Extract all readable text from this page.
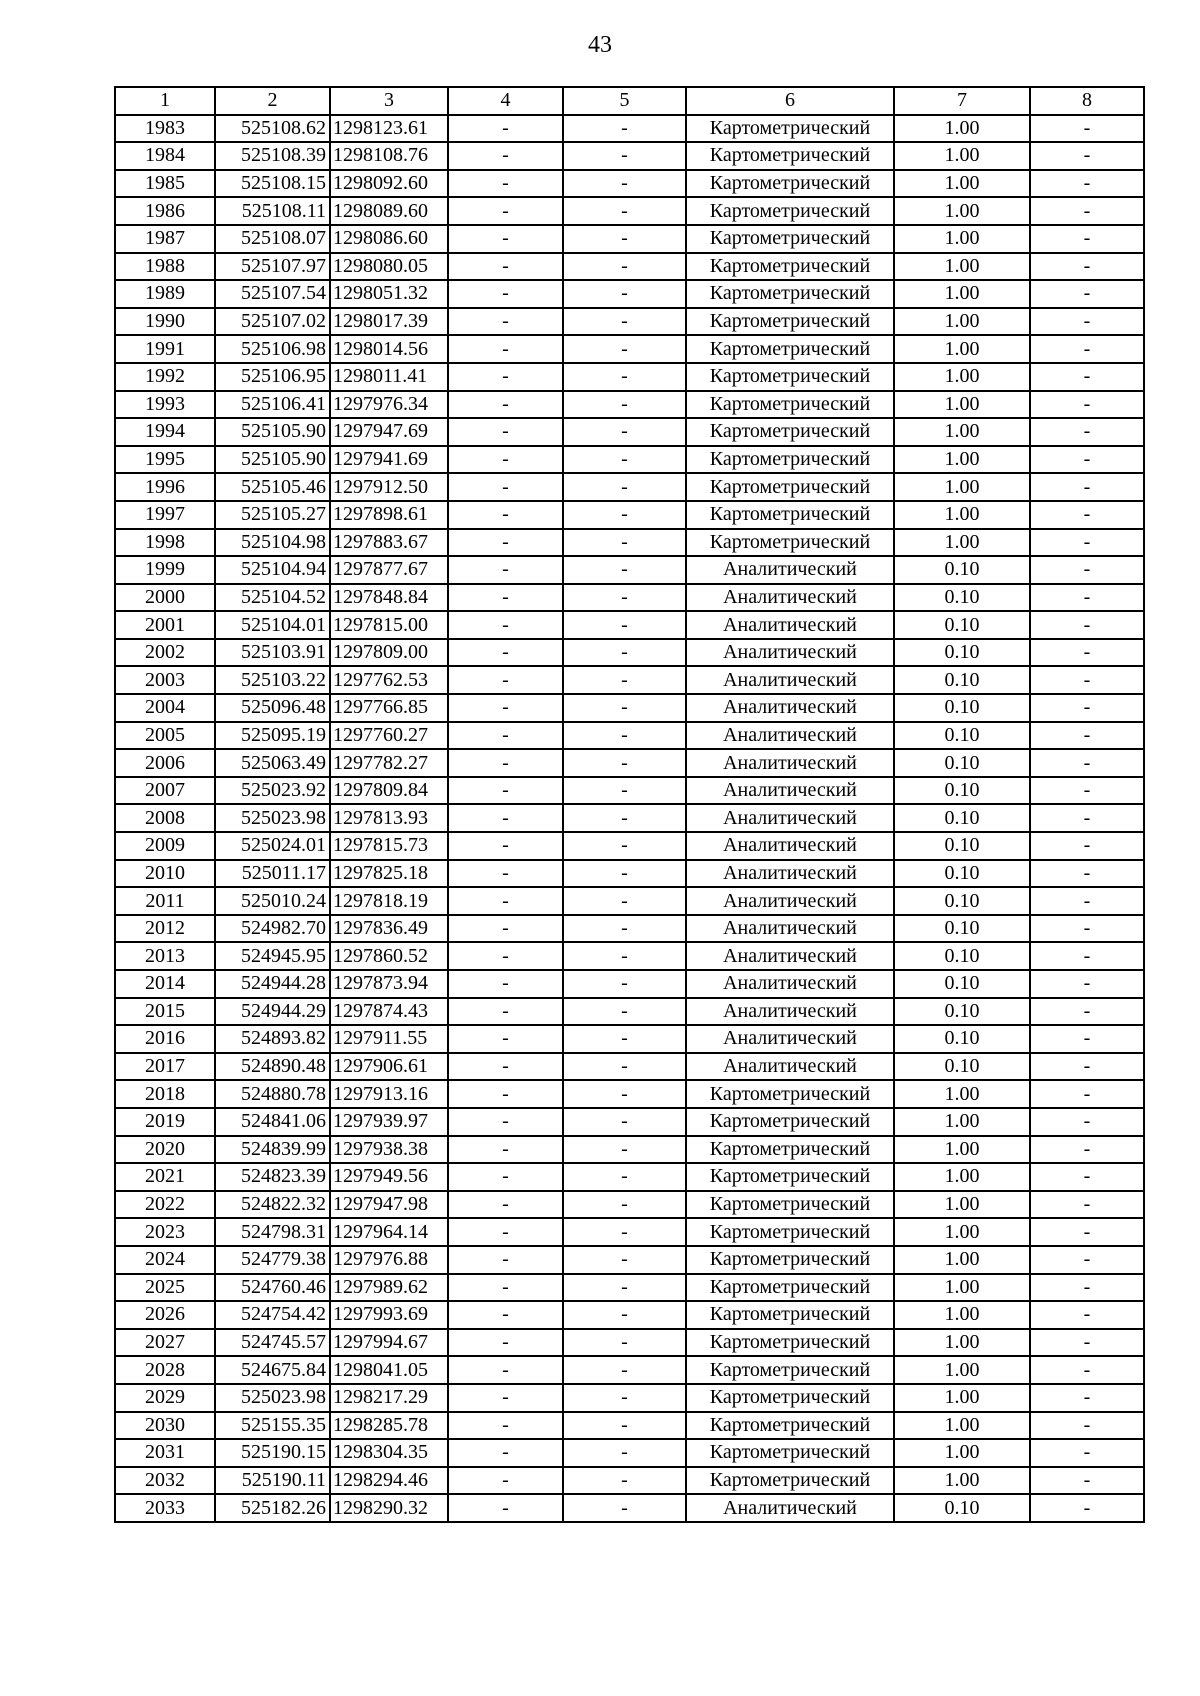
43
1	2	3	4	5	6	7	8
1983	525108.62	1298123.61	-	-	Картометрический	1.00	-
1984	525108.39	1298108.76	-	-	Картометрический	1.00	-
1985	525108.15	1298092.60	-	-	Картометрический	1.00	-
1986	525108.11	1298089.60	-	-	Картометрический	1.00	-
1987	525108.07	1298086.60	-	-	Картометрический	1.00	-
1988	525107.97	1298080.05	-	-	Картометрический	1.00	-
1989	525107.54	1298051.32	-	-	Картометрический	1.00	-
1990	525107.02	1298017.39	-	-	Картометрический	1.00	-
1991	525106.98	1298014.56	-	-	Картометрический	1.00	-
1992	525106.95	1298011.41	-	-	Картометрический	1.00	-
1993	525106.41	1297976.34	-	-	Картометрический	1.00	-
1994	525105.90	1297947.69	-	-	Картометрический	1.00	-
1995	525105.90	1297941.69	-	-	Картометрический	1.00	-
1996	525105.46	1297912.50	-	-	Картометрический	1.00	-
1997	525105.27	1297898.61	-	-	Картометрический	1.00	-
1998	525104.98	1297883.67	-	-	Картометрический	1.00	-
1999	525104.94	1297877.67	-	-	Аналитический	0.10	-
2000	525104.52	1297848.84	-	-	Аналитический	0.10	-
2001	525104.01	1297815.00	-	-	Аналитический	0.10	-
2002	525103.91	1297809.00	-	-	Аналитический	0.10	-
2003	525103.22	1297762.53	-	-	Аналитический	0.10	-
2004	525096.48	1297766.85	-	-	Аналитический	0.10	-
2005	525095.19	1297760.27	-	-	Аналитический	0.10	-
2006	525063.49	1297782.27	-	-	Аналитический	0.10	-
2007	525023.92	1297809.84	-	-	Аналитический	0.10	-
2008	525023.98	1297813.93	-	-	Аналитический	0.10	-
2009	525024.01	1297815.73	-	-	Аналитический	0.10	-
2010	525011.17	1297825.18	-	-	Аналитический	0.10	-
2011	525010.24	1297818.19	-	-	Аналитический	0.10	-
2012	524982.70	1297836.49	-	-	Аналитический	0.10	-
2013	524945.95	1297860.52	-	-	Аналитический	0.10	-
2014	524944.28	1297873.94	-	-	Аналитический	0.10	-
2015	524944.29	1297874.43	-	-	Аналитический	0.10	-
2016	524893.82	1297911.55	-	-	Аналитический	0.10	-
2017	524890.48	1297906.61	-	-	Аналитический	0.10	-
2018	524880.78	1297913.16	-	-	Картометрический	1.00	-
2019	524841.06	1297939.97	-	-	Картометрический	1.00	-
2020	524839.99	1297938.38	-	-	Картометрический	1.00	-
2021	524823.39	1297949.56	-	-	Картометрический	1.00	-
2022	524822.32	1297947.98	-	-	Картометрический	1.00	-
2023	524798.31	1297964.14	-	-	Картометрический	1.00	-
2024	524779.38	1297976.88	-	-	Картометрический	1.00	-
2025	524760.46	1297989.62	-	-	Картометрический	1.00	-
2026	524754.42	1297993.69	-	-	Картометрический	1.00	-
2027	524745.57	1297994.67	-	-	Картометрический	1.00	-
2028	524675.84	1298041.05	-	-	Картометрический	1.00	-
2029	525023.98	1298217.29	-	-	Картометрический	1.00	-
2030	525155.35	1298285.78	-	-	Картометрический	1.00	-
2031	525190.15	1298304.35	-	-	Картометрический	1.00	-
2032	525190.11	1298294.46	-	-	Картометрический	1.00	-
2033	525182.26	1298290.32	-	-	Аналитический	0.10	-
